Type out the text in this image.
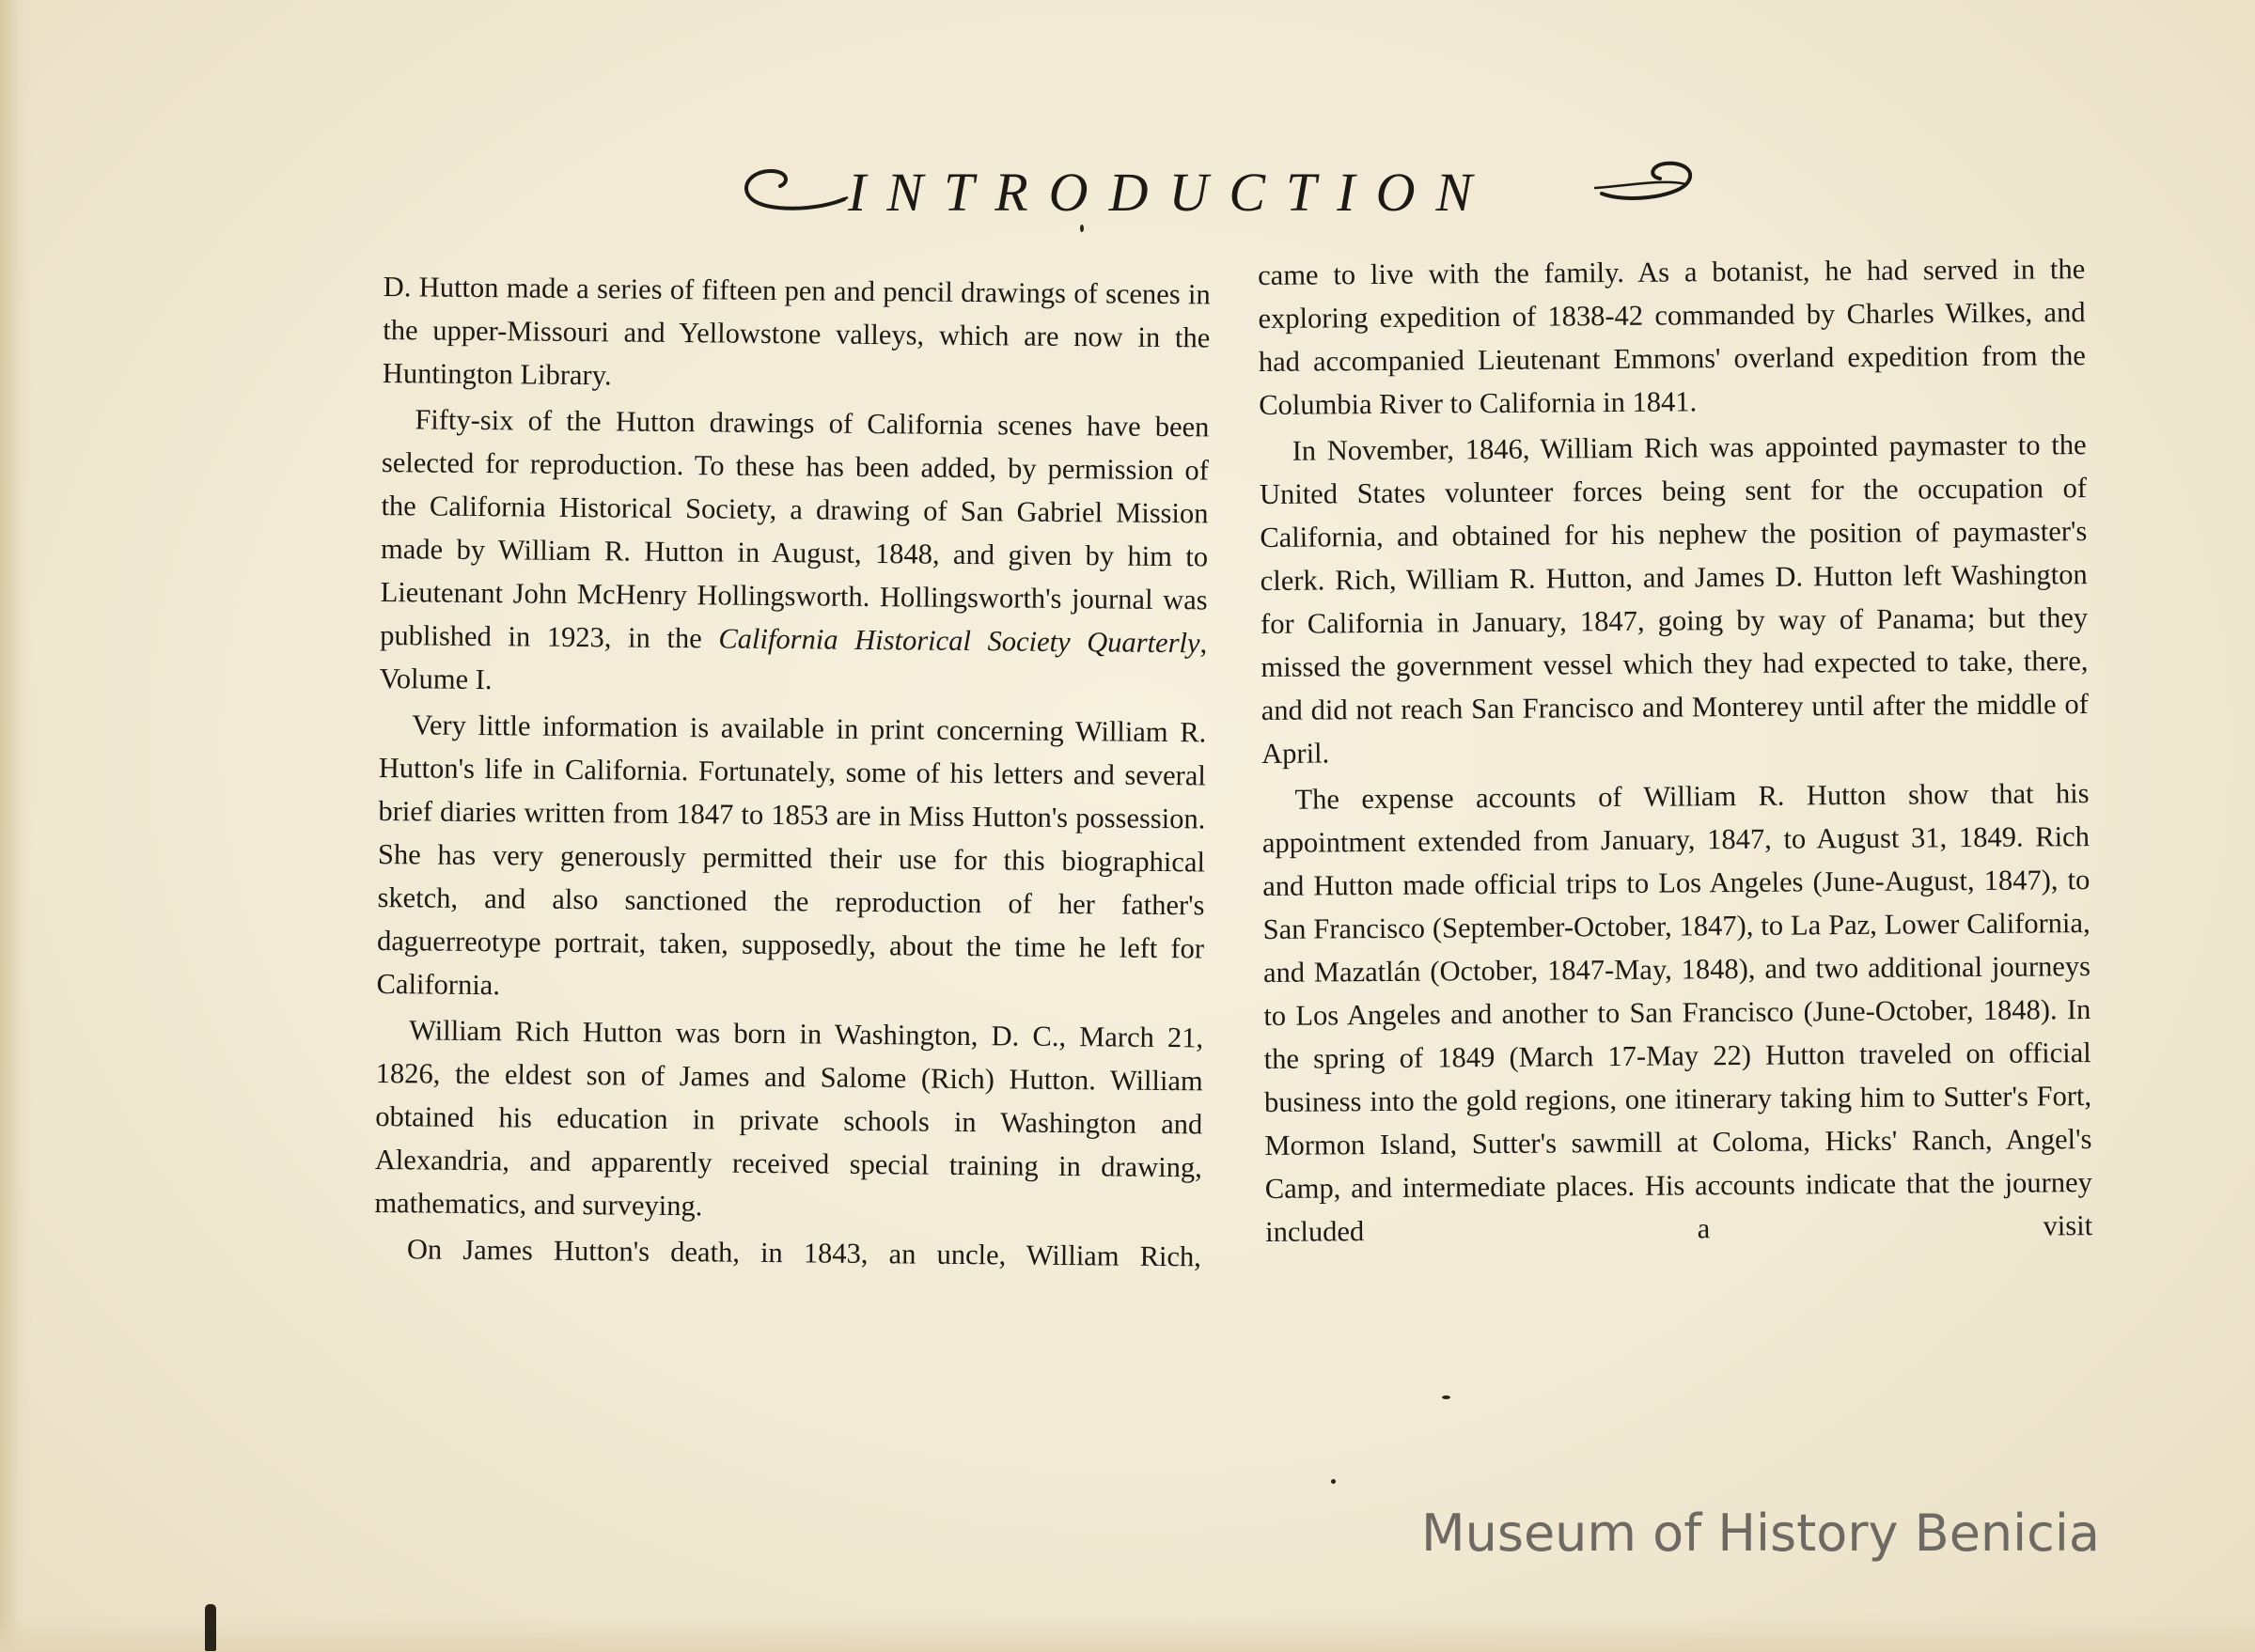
INTRODUCTION

D. Hutton made a series of fifteen pen and pencil drawings of scenes in the upper-Missouri and Yellowstone valleys, which are now in the Huntington Library.

Fifty-six of the Hutton drawings of California scenes have been selected for reproduction. To these has been added, by permission of the California Historical Society, a drawing of San Gabriel Mission made by William R. Hutton in August, 1848, and given by him to Lieutenant John McHenry Hollingsworth. Hollingsworth's journal was published in 1923, in the California Historical Society Quarterly, Volume I.

Very little information is available in print concerning William R. Hutton's life in California. Fortunately, some of his letters and several brief diaries written from 1847 to 1853 are in Miss Hutton's possession. She has very generously permitted their use for this biographical sketch, and also sanctioned the reproduction of her father's daguerreotype portrait, taken, supposedly, about the time he left for California.

William Rich Hutton was born in Washington, D. C., March 21, 1826, the eldest son of James and Salome (Rich) Hutton. William obtained his education in private schools in Washington and Alexandria, and apparently received special training in drawing, mathematics, and surveying.

On James Hutton's death, in 1843, an uncle, William Rich,

came to live with the family. As a botanist, he had served in the exploring expedition of 1838-42 commanded by Charles Wilkes, and had accompanied Lieutenant Emmons' overland expedition from the Columbia River to California in 1841.

In November, 1846, William Rich was appointed paymaster to the United States volunteer forces being sent for the occupation of California, and obtained for his nephew the position of paymaster's clerk. Rich, William R. Hutton, and James D. Hutton left Washington for California in January, 1847, going by way of Panama; but they missed the government vessel which they had expected to take, there, and did not reach San Francisco and Monterey until after the middle of April.

The expense accounts of William R. Hutton show that his appointment extended from January, 1847, to August 31, 1849. Rich and Hutton made official trips to Los Angeles (June-August, 1847), to San Francisco (September-October, 1847), to La Paz, Lower California, and Mazatlán (October, 1847-May, 1848), and two additional journeys to Los Angeles and another to San Francisco (June-October, 1848). In the spring of 1849 (March 17-May 22) Hutton traveled on official business into the gold regions, one itinerary taking him to Sutter's Fort, Mormon Island, Sutter's sawmill at Coloma, Hicks' Ranch, Angel's Camp, and intermediate places. His accounts indicate that the journey included a visit

Museum of History Benicia
